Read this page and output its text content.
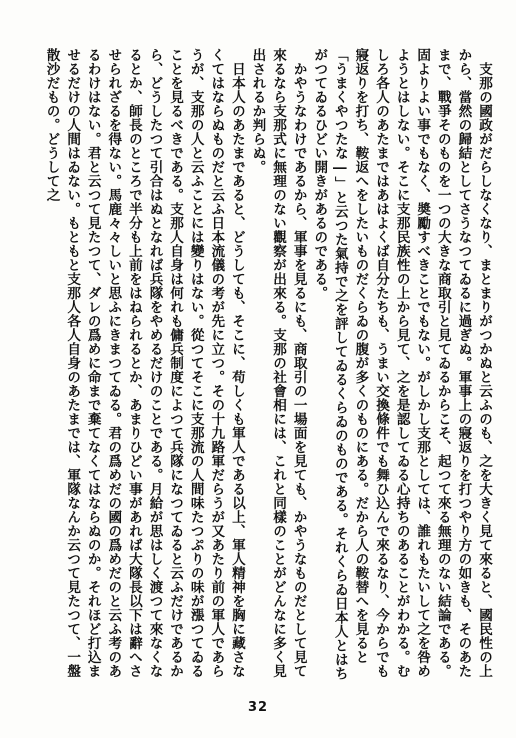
支那の國政がだらしなくなり、まとまりがつかぬと云ふのも、之を大きく見て來ると、國民性の上から、當然の歸結としてさうなつてゐるに過ぎぬ。軍事上の寢返りを打つやり方の如きも、そのあたまで、戰爭そのものを一つの大きな商取引と見てゐるからこそ、起つて來る無理のない結論である。固よりよい事でもなく、奬勵すべきことでもない。がしかし支那としては、誰れもたいして之を咎めようとはしない。そこに支那民族性の上から見て、之を是認してゐる心持ちのあることがわかる。むしろ各人のあたまではあはよくば自分たちも、うまい交換條件でも舞ひ込んで來るなり、今からでも寢返りを打ち、鞍返へをしたいものだくらゐの腹が多くのものにある。だから人の鞍替へを見ると「うまくやつたな―」と云つた氣持で之を評してゐるくらゐのものである。それくらゐ日本人とはちがつてゐるひどい開きがあるのである。

かやうなわけであるから、軍事を見るにも、商取引の一場面を見ても、かやうなものだとして見て來るなら支那式に無理のない觀察が出來る。支那の社會相には、これと同樣のことがどんなに多く見出されるか判らぬ。

日本人のあたまであると、どうしても、そこに、苟しくも軍人である以上、軍人精神を胸に藏さなくてはならぬものだと云ふ日本流儀の考が先に立つ。その十九路軍だらうが又あたり前の軍人であらうが、支那の人と云ふことには變りはない。從つてそこに支那流の人間味たつぷりの味が漲つてゐることを見るべきである。支那人自身は何れも傭兵制度によつて兵隊になつてゐると云ふだけであるから、どうしたつて引合はぬとなれば兵隊をやめるだけのことである。月給が思はしく渡つて來なくなるとか、師長のところで半分も上前をはねられるとか、あまりひどい事があれば大隊長以下は辭へさせられざるを得ない。馬鹿々々しいと思ふにきまつてゐる。君の爲めだの國の爲めだのと云ふ考のあるわけはない。君と云つて見たつて、ダレの爲めに命まで棄てなくてはならぬのか。それほど打込ませるだけの人間はゐない。もともと支那人各人自身のあたまでは、軍隊なんか云つて見たつて、一盤散沙だもの。どうして之

32
